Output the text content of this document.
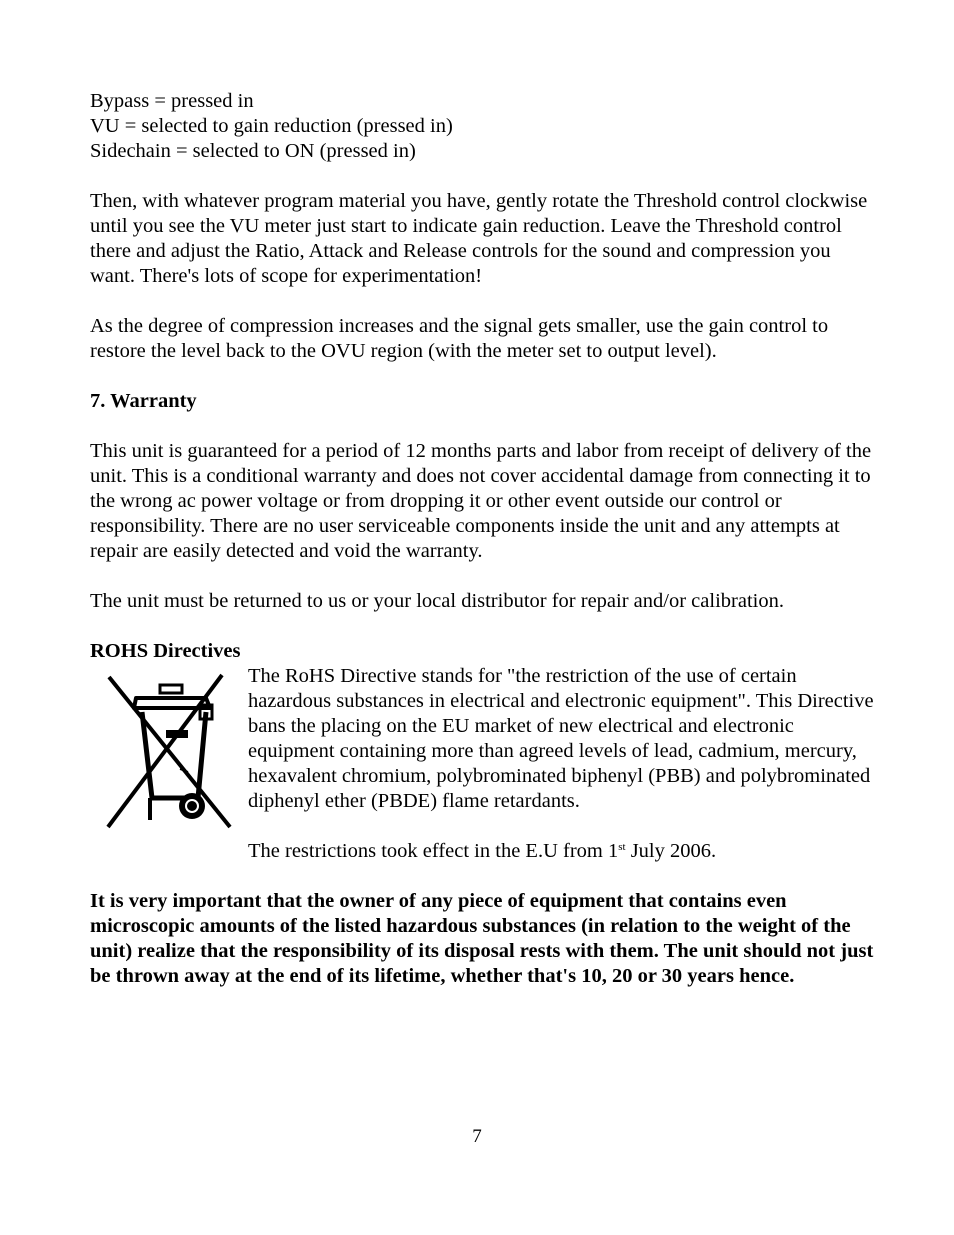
Bypass = pressed in
VU = selected to gain reduction (pressed in)
Sidechain = selected to ON (pressed in)

Then, with whatever program material you have, gently rotate the Threshold control clockwise until you see the VU meter just start to indicate gain reduction. Leave the Threshold control there and adjust the Ratio, Attack and Release controls for the sound and compression you want. There's lots of scope for experimentation!

As the degree of compression increases and the signal gets smaller, use the gain control to restore the level back to the OVU region (with the meter set to output level).

7. Warranty

This unit is guaranteed for a period of 12 months parts and labor from receipt of delivery of the unit. This is a conditional warranty and does not cover accidental damage from connecting it to the wrong ac power voltage or from dropping it or other event outside our control or responsibility. There are no user serviceable components inside the unit and any attempts at repair are easily detected and void the warranty.

The unit must be returned to us or your local distributor for repair and/or calibration.

ROHS Directives

The RoHS Directive stands for "the restriction of the use of certain hazardous substances in electrical and electronic equipment". This Directive bans the placing on the EU market of new electrical and electronic equipment containing more than agreed levels of lead, cadmium, mercury, hexavalent chromium, polybrominated biphenyl (PBB) and polybrominated diphenyl ether (PBDE) flame retardants.

The restrictions took effect in the E.U from 1st July 2006.

It is very important that the owner of any piece of equipment that contains even microscopic amounts of the listed hazardous substances (in relation to the weight of the unit) realize that the responsibility of its disposal rests with them. The unit should not just be thrown away at the end of its lifetime, whether that's 10, 20 or 30 years hence.

7
